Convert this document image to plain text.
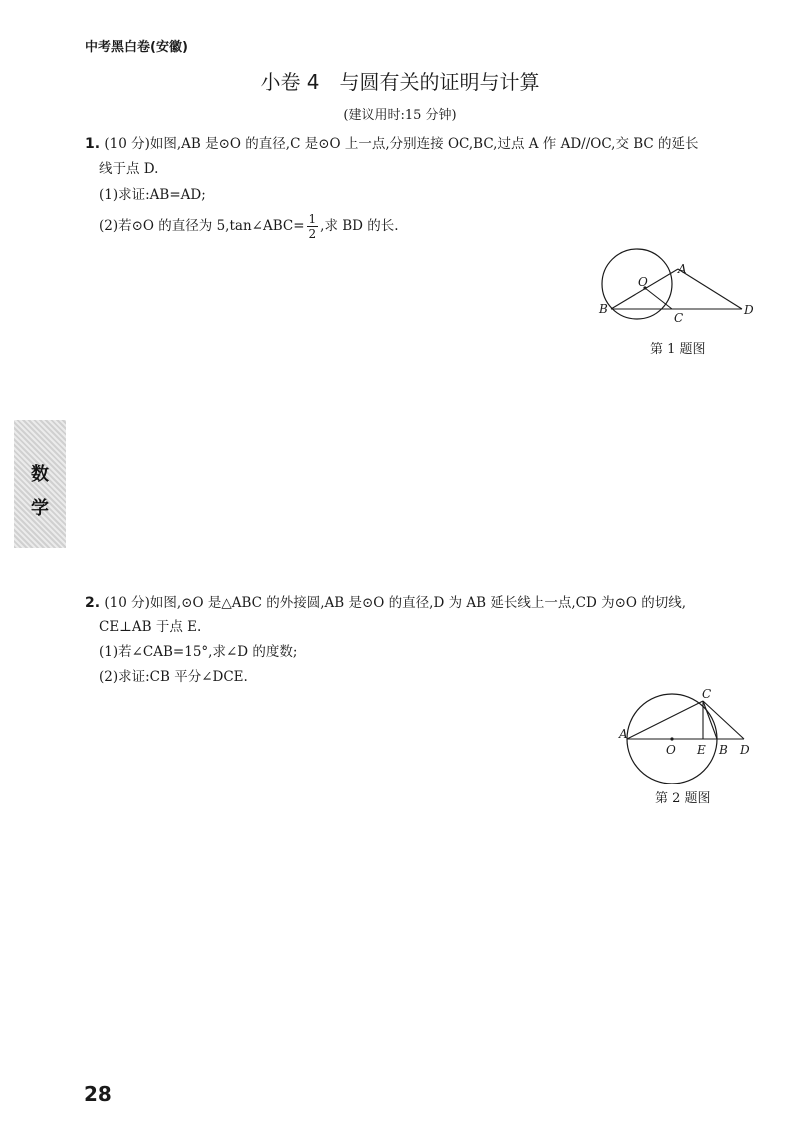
中考黑白卷(安徽)
小卷 4　与圆有关的证明与计算
(建议用时:15 分钟)
1. (10 分)如图,AB 是⊙O 的直径,C 是⊙O 上一点,分别连接 OC,BC,过点 A 作 AD//OC,交 BC 的延长
线于点 D.
(1)求证:AB=AD;
(2)若⊙O 的直径为 5,tan∠ABC= $\frac{1}{2}$ ,求 BD 的长.
O
A
B
C
D
第 1 题图
数
学
2. (10 分)如图,⊙O 是△ABC 的外接圆,AB 是⊙O 的直径,D 为 AB 延长线上一点,CD 为⊙O 的切线,
CE⊥AB 于点 E.
(1)若∠CAB=15°,求∠D 的度数;
(2)求证:CB 平分∠DCE.
A
O E B D
C
第 2 题图
28
